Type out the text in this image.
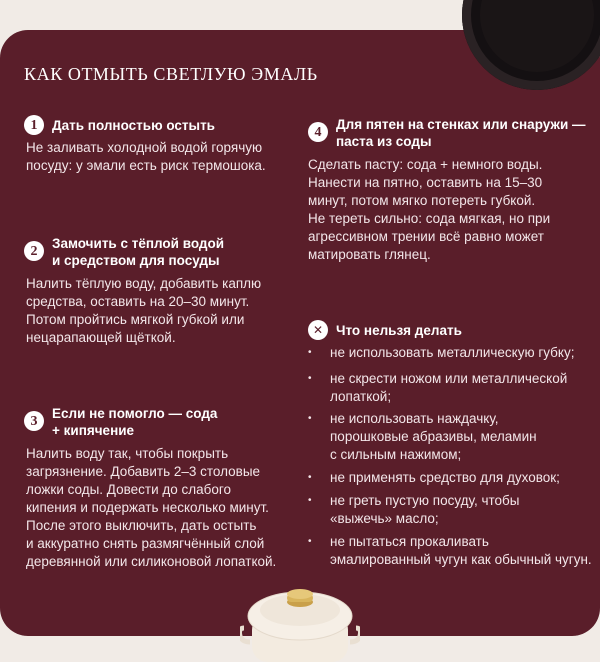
КАК ОТМЫТЬ СВЕТЛУЮ ЭМАЛЬ
1	Дать полностью остыть

Не заливать холодной водой горячую
посуду: у эмали есть риск термошока.

2	Замочить с тёплой водой
и средством для посуды

Налить тёплую воду, добавить каплю
средства, оставить на 20–30 минут.
Потом пройтись мягкой губкой или
нецарапающей щёткой.

3	Если не помогло — сода
+ кипячение

Налить воду так, чтобы покрыть
загрязнение. Добавить 2–3 столовые
ложки соды. Довести до слабого
кипения и подержать несколько минут.
После этого выключить, дать остыть
и аккуратно снять размягчённый слой
деревянной или силиконовой лопаткой.

4	Для пятен на стенках или снаружи —
паста из соды

Сделать пасту: сода + немного воды.
Нанести на пятно, оставить на 15–30
минут, потом мягко потереть губкой.
Не тереть сильно: сода мягкая, но при
агрессивном трении всё равно может
матировать глянец.

✕ Что нельзя делать
•	не использовать металлическую губку;
•	не скрести ножом или металлической
лопаткой;
•	не использовать наждачку,
порошковые абразивы, меламин
с сильным нажимом;
•	не применять средство для духовок;
•	не греть пустую посуду, чтобы
«выжечь» масло;
•	не пытаться прокаливать
эмалированный чугун как обычный чугун.
